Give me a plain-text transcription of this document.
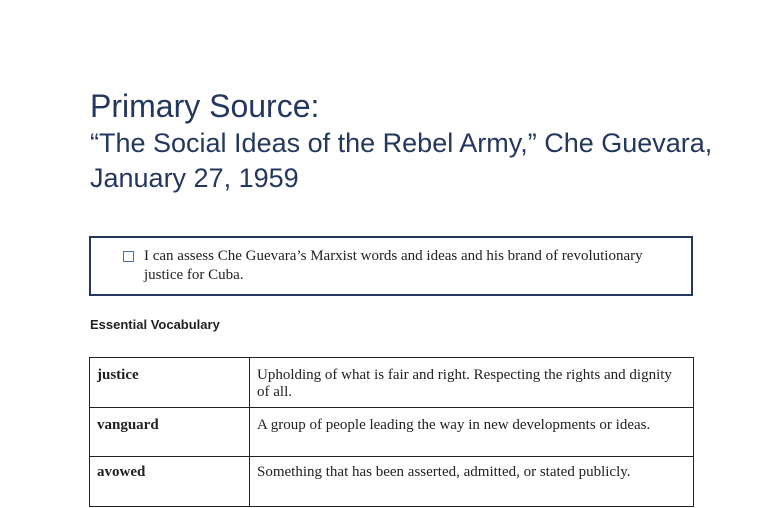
Primary Source:
“The Social Ideas of the Rebel Army,” Che Guevara, January 27, 1959
I can assess Che Guevara’s Marxist words and ideas and his brand of revolutionary justice for Cuba.
Essential Vocabulary
justice	Upholding of what is fair and right. Respecting the rights and dignity of all.
vanguard	A group of people leading the way in new developments or ideas.
avowed	Something that has been asserted, admitted, or stated publicly.
